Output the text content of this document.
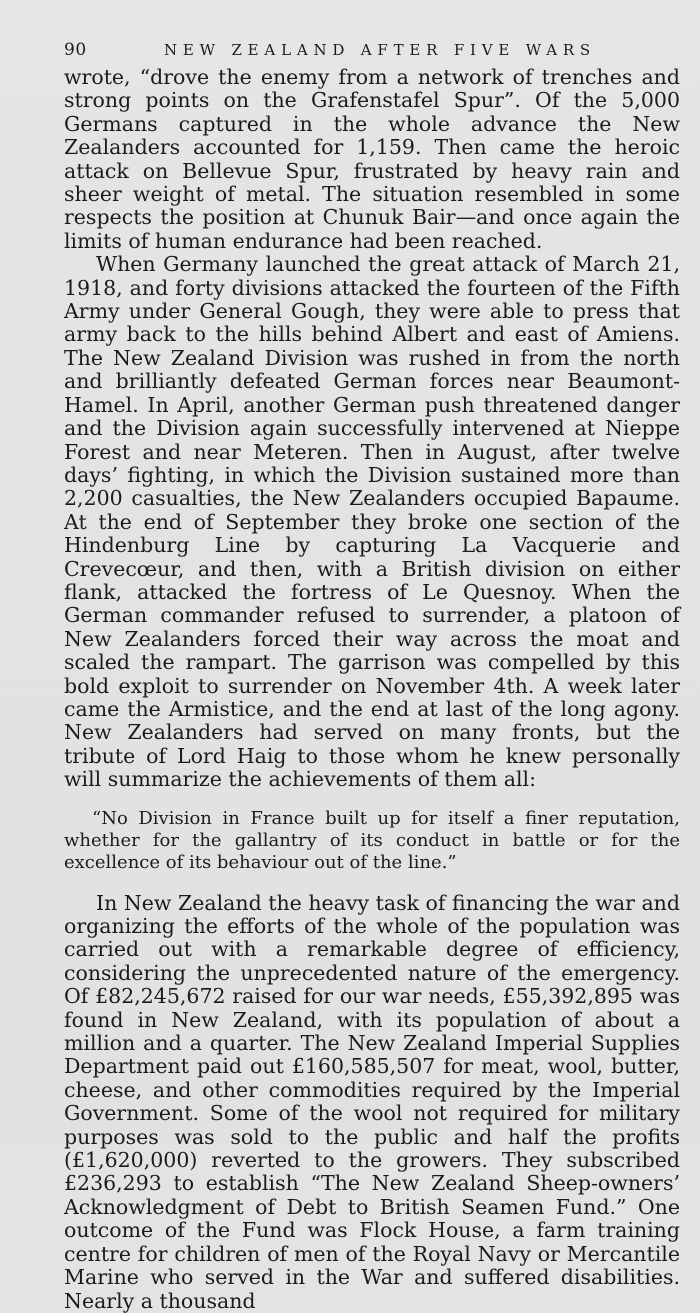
90	NEW ZEALAND AFTER FIVE WARS

wrote, “drove the enemy from a network of trenches and strong points on the Grafenstafel Spur”. Of the 5,000 Germans captured in the whole advance the New Zealanders accounted for 1,159. Then came the heroic attack on Bellevue Spur, frustrated by heavy rain and sheer weight of metal. The situation resembled in some respects the position at Chunuk Bair—and once again the limits of human endurance had been reached.

When Germany launched the great attack of March 21, 1918, and forty divisions attacked the fourteen of the Fifth Army under General Gough, they were able to press that army back to the hills behind Albert and east of Amiens. The New Zealand Division was rushed in from the north and brilliantly defeated German forces near Beaumont-Hamel. In April, another German push threatened danger and the Division again successfully intervened at Nieppe Forest and near Meteren. Then in August, after twelve days’ fighting, in which the Division sustained more than 2,200 casualties, the New Zealanders occupied Bapaume. At the end of September they broke one section of the Hindenburg Line by capturing La Vacquerie and Crevecœur, and then, with a British division on either flank, attacked the fortress of Le Quesnoy. When the German commander refused to surrender, a platoon of New Zealanders forced their way across the moat and scaled the rampart. The garrison was compelled by this bold exploit to surrender on November 4th. A week later came the Armistice, and the end at last of the long agony. New Zealanders had served on many fronts, but the tribute of Lord Haig to those whom he knew personally will summarize the achievements of them all:

“No Division in France built up for itself a finer reputation, whether for the gallantry of its conduct in battle or for the excellence of its behaviour out of the line.”

In New Zealand the heavy task of financing the war and organizing the efforts of the whole of the population was carried out with a remarkable degree of efficiency, considering the unprecedented nature of the emergency. Of £82,245,672 raised for our war needs, £55,392,895 was found in New Zealand, with its population of about a million and a quarter. The New Zealand Imperial Supplies Department paid out £160,585,507 for meat, wool, butter, cheese, and other commodities required by the Imperial Government. Some of the wool not required for military purposes was sold to the public and half the profits (£1,620,000) reverted to the growers. They subscribed £236,293 to establish “The New Zealand Sheep-owners’ Acknowledgment of Debt to British Seamen Fund.” One outcome of the Fund was Flock House, a farm training centre for children of men of the Royal Navy or Mercantile Marine who served in the War and suffered disabilities. Nearly a thousand
